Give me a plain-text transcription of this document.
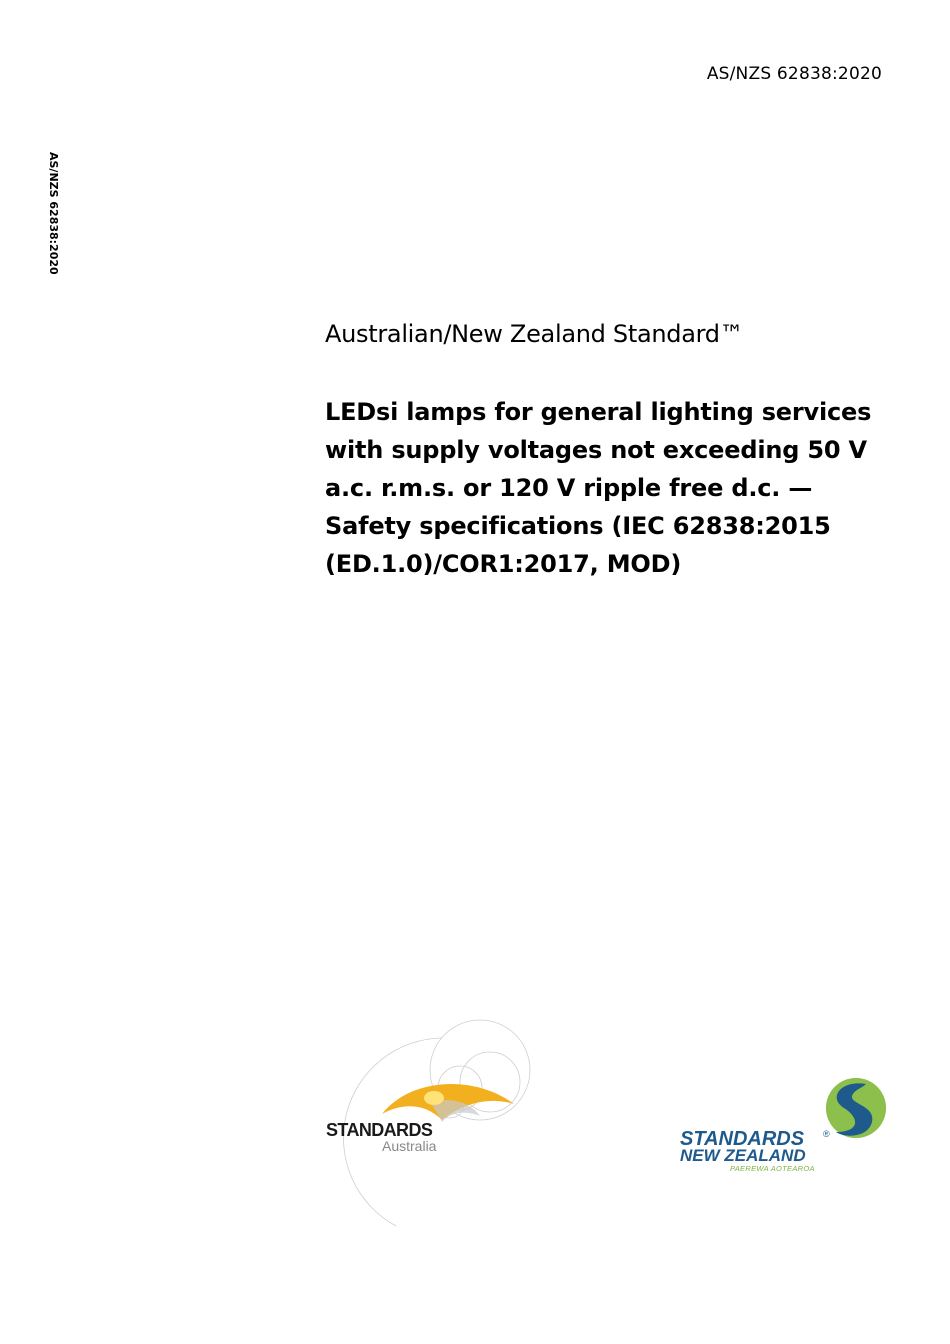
AS/NZS 62838:2020
AS/NZS 62838:2020
Australian/New Zealand Standard™
LEDsi lamps for general lighting services
with supply voltages not exceeding 50 V
a.c. r.m.s. or 120 V ripple free d.c. —
Safety specifications (IEC 62838:2015
(ED.1.0)/COR1:2017, MOD)
STANDARDS
Australia	STANDARDS ®
NEW ZEALAND
PAEREWA AOTEAROA
